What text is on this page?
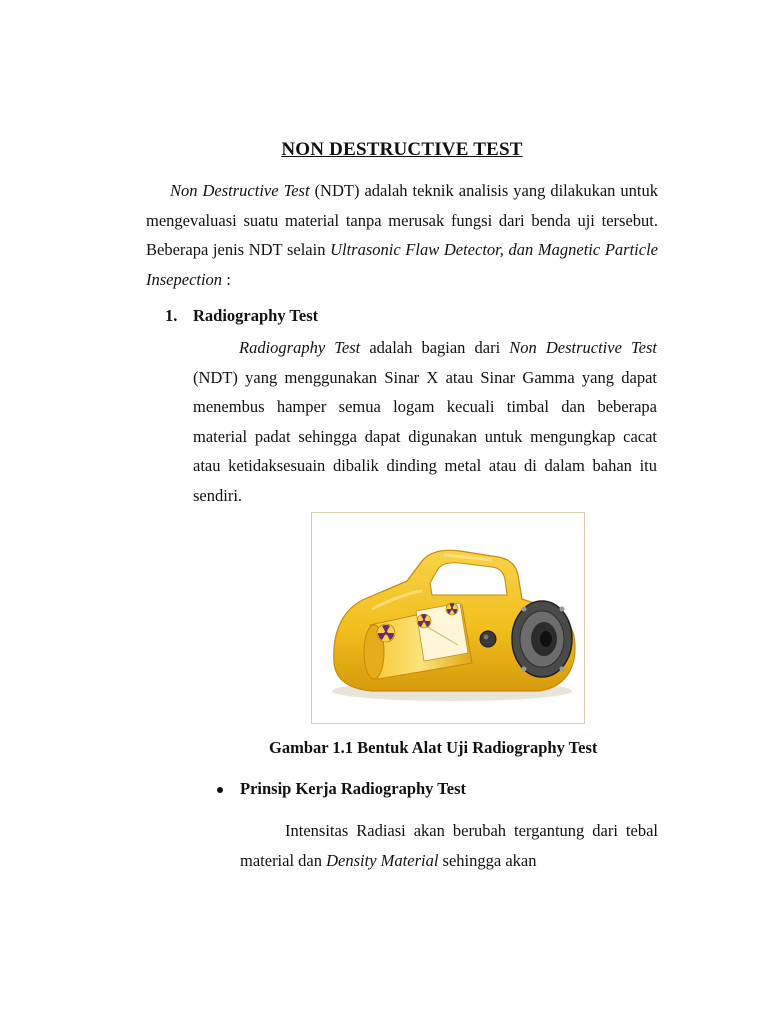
NON DESTRUCTIVE TEST
Non Destructive Test (NDT) adalah teknik analisis yang dilakukan untuk mengevaluasi suatu material tanpa merusak fungsi dari benda uji tersebut. Beberapa jenis NDT selain Ultrasonic Flaw Detector, dan Magnetic Particle Insepection :
1. Radiography Test
Radiography Test adalah bagian dari Non Destructive Test (NDT) yang menggunakan Sinar X atau Sinar Gamma yang dapat menembus hamper semua logam kecuali timbal dan beberapa material padat sehingga dapat digunakan untuk mengungkap cacat atau ketidaksesuain dibalik dinding metal atau di dalam bahan itu sendiri.
Gambar 1.1 Bentuk Alat Uji Radiography Test
Prinsip Kerja Radiography Test
Intensitas Radiasi akan berubah tergantung dari tebal material dan Density Material sehingga akan
